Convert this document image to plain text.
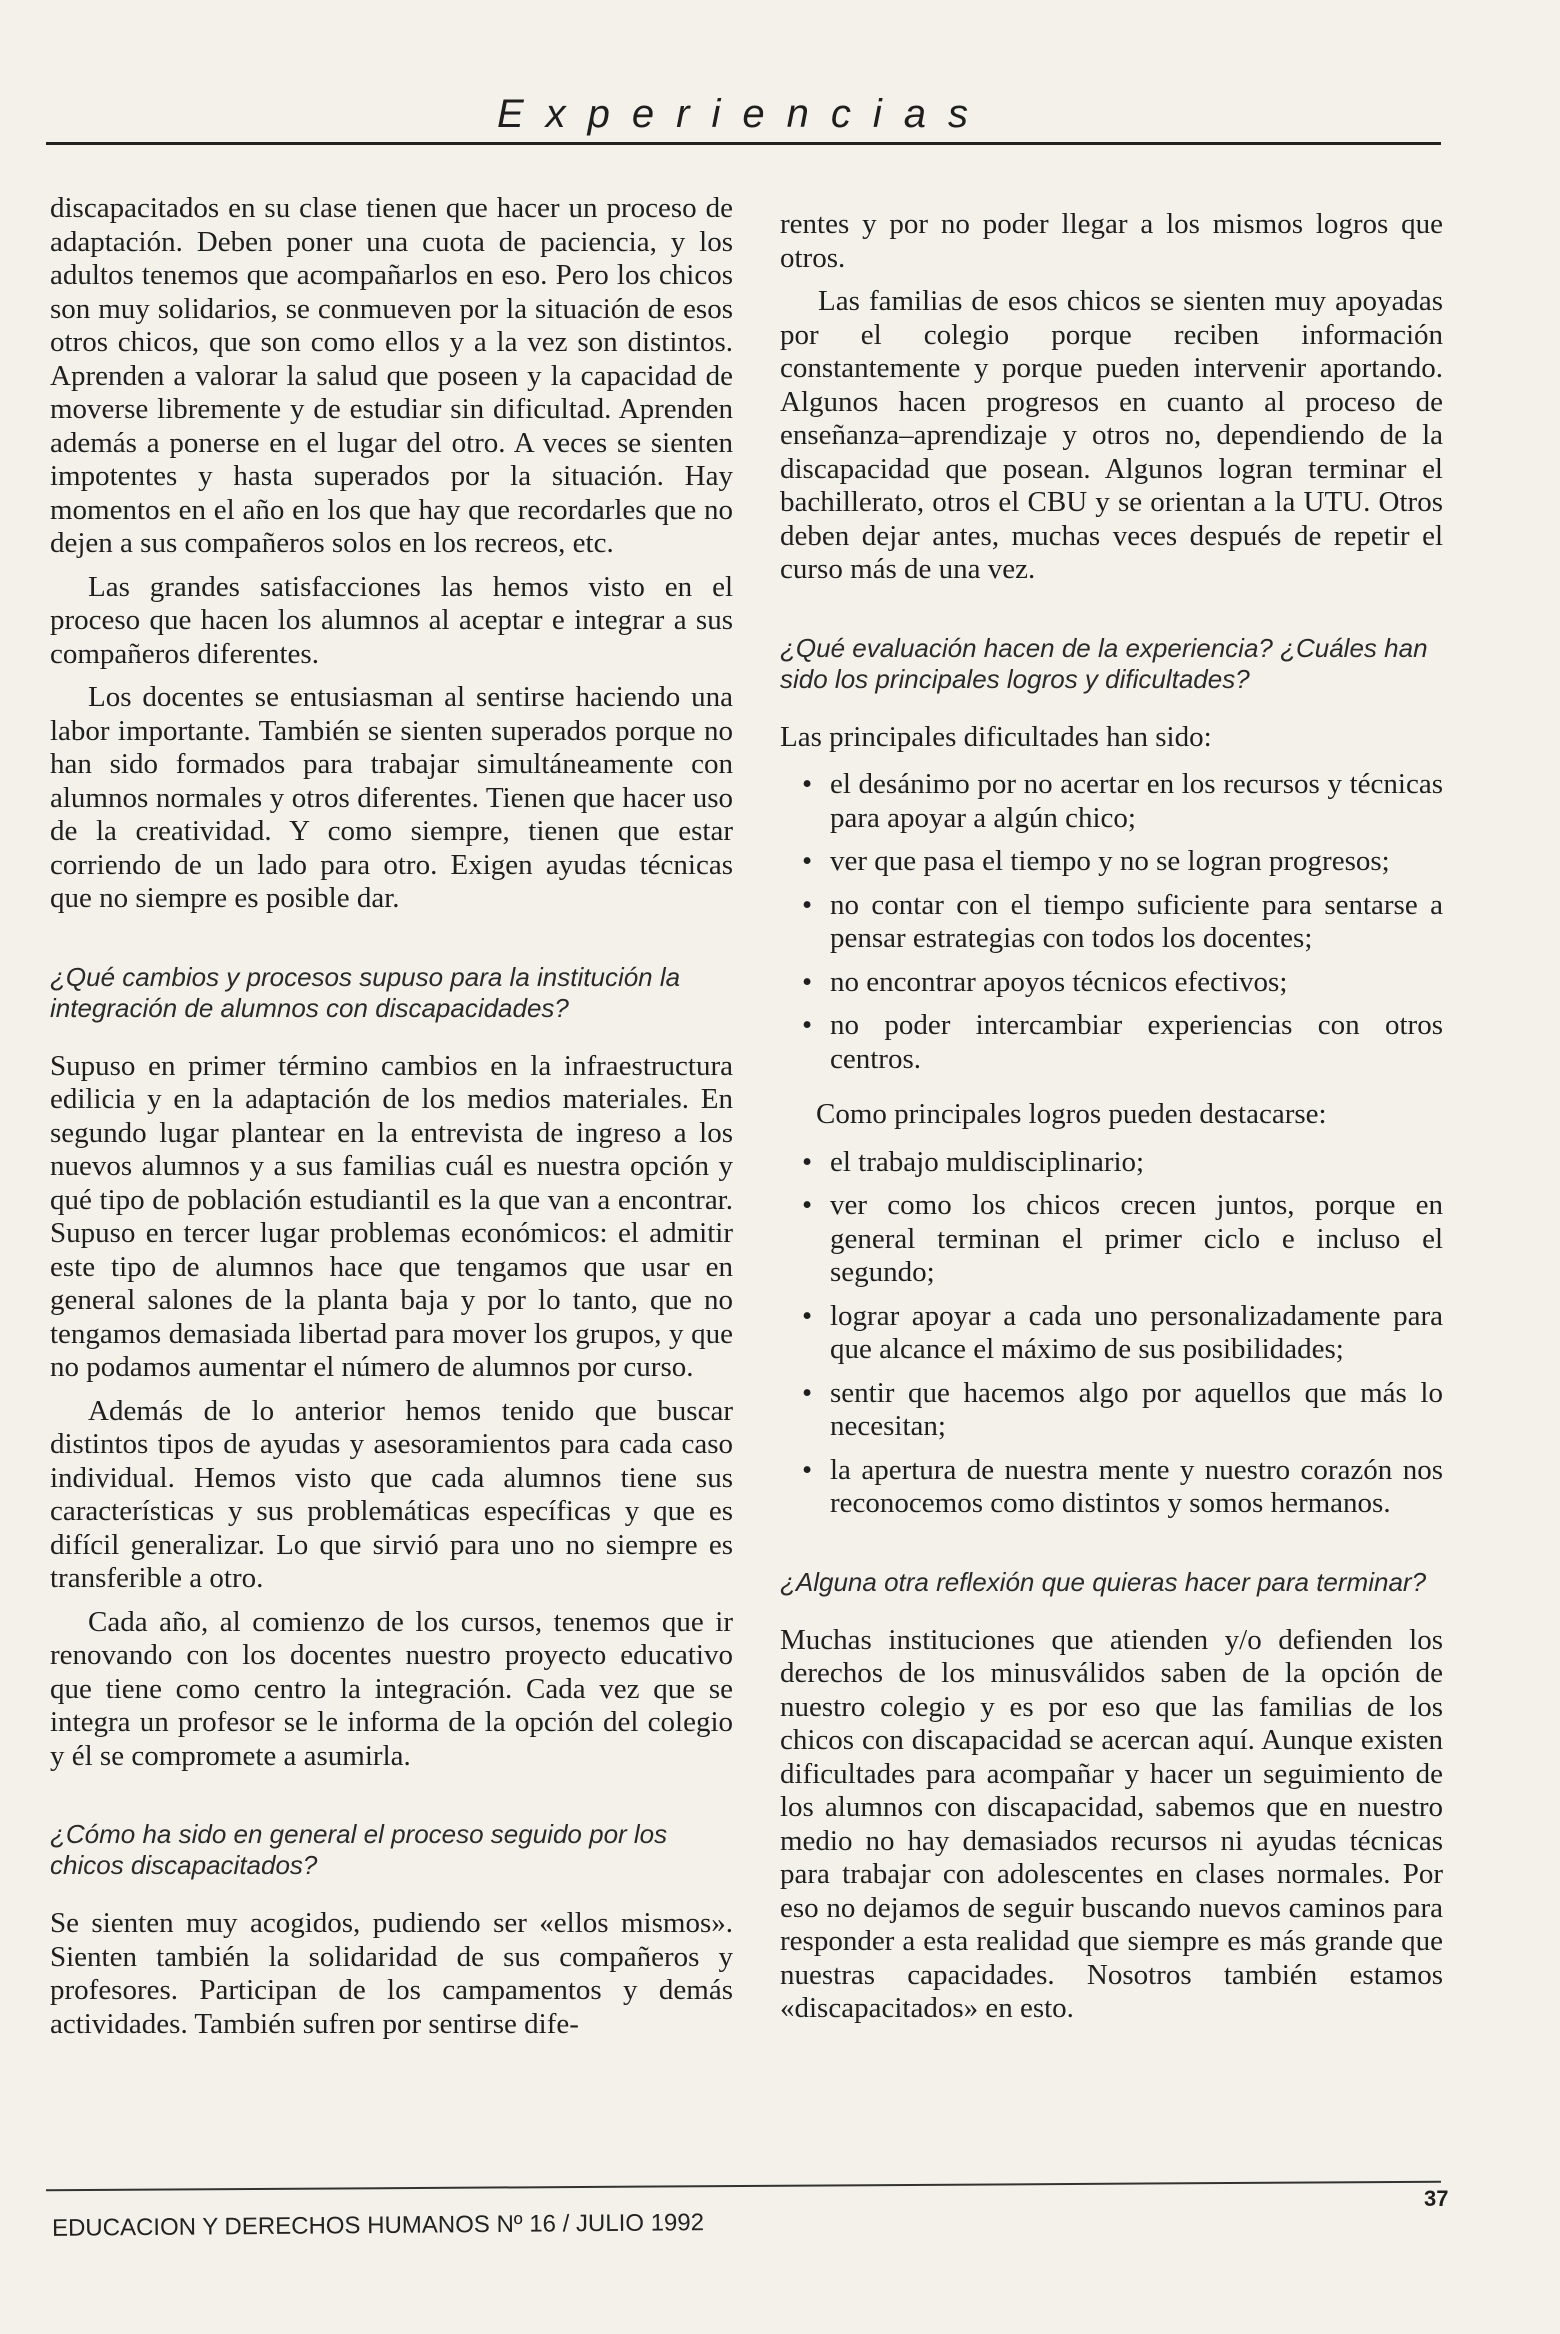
Experiencias

discapacitados en su clase tienen que hacer un proceso de adaptación. Deben poner una cuota de paciencia, y los adultos tenemos que acompañarlos en eso. Pero los chicos son muy solidarios, se conmueven por la situación de esos otros chicos, que son como ellos y a la vez son distintos. Aprenden a valorar la salud que poseen y la capacidad de moverse libremente y de estudiar sin dificultad. Aprenden además a ponerse en el lugar del otro. A veces se sienten impotentes y hasta superados por la situación. Hay momentos en el año en los que hay que recordarles que no dejen a sus compañeros solos en los recreos, etc.

Las grandes satisfacciones las hemos visto en el proceso que hacen los alumnos al aceptar e integrar a sus compañeros diferentes.

Los docentes se entusiasman al sentirse haciendo una labor importante. También se sienten superados porque no han sido formados para trabajar simultáneamente con alumnos normales y otros diferentes. Tienen que hacer uso de la creatividad. Y como siempre, tienen que estar corriendo de un lado para otro. Exigen ayudas técnicas que no siempre es posible dar.

¿Qué cambios y procesos supuso para la institución la integración de alumnos con discapacidades?

Supuso en primer término cambios en la infraestructura edilicia y en la adaptación de los medios materiales. En segundo lugar plantear en la entrevista de ingreso a los nuevos alumnos y a sus familias cuál es nuestra opción y qué tipo de población estudiantil es la que van a encontrar. Supuso en tercer lugar problemas económicos: el admitir este tipo de alumnos hace que tengamos que usar en general salones de la planta baja y por lo tanto, que no tengamos demasiada libertad para mover los grupos, y que no podamos aumentar el número de alumnos por curso.

Además de lo anterior hemos tenido que buscar distintos tipos de ayudas y asesoramientos para cada caso individual. Hemos visto que cada alumnos tiene sus características y sus problemáticas específicas y que es difícil generalizar. Lo que sirvió para uno no siempre es transferible a otro.

Cada año, al comienzo de los cursos, tenemos que ir renovando con los docentes nuestro proyecto educativo que tiene como centro la integración. Cada vez que se integra un profesor se le informa de la opción del colegio y él se compromete a asumirla.

¿Cómo ha sido en general el proceso seguido por los chicos discapacitados?

Se sienten muy acogidos, pudiendo ser «ellos mismos». Sienten también la solidaridad de sus compañeros y profesores. Participan de los campamentos y demás actividades. También sufren por sentirse dife-

rentes y por no poder llegar a los mismos logros que otros.

Las familias de esos chicos se sienten muy apoyadas por el colegio porque reciben información constantemente y porque pueden intervenir aportando. Algunos hacen progresos en cuanto al proceso de enseñanza–aprendizaje y otros no, dependiendo de la discapacidad que posean. Algunos logran terminar el bachillerato, otros el CBU y se orientan a la UTU. Otros deben dejar antes, muchas veces después de repetir el curso más de una vez.

¿Qué evaluación hacen de la experiencia? ¿Cuáles han sido los principales logros y dificultades?

Las principales dificultades han sido:

• el desánimo por no acertar en los recursos y técnicas para apoyar a algún chico;
• ver que pasa el tiempo y no se logran progresos;
• no contar con el tiempo suficiente para sentarse a pensar estrategias con todos los docentes;
• no encontrar apoyos técnicos efectivos;
• no poder intercambiar experiencias con otros centros.

Como principales logros pueden destacarse:

• el trabajo muldisciplinario;
• ver como los chicos crecen juntos, porque en general terminan el primer ciclo e incluso el segundo;
• lograr apoyar a cada uno personalizadamente para que alcance el máximo de sus posibilidades;
• sentir que hacemos algo por aquellos que más lo necesitan;
• la apertura de nuestra mente y nuestro corazón nos reconocemos como distintos y somos hermanos.
¿Alguna otra reflexión que quieras hacer para terminar?

Muchas instituciones que atienden y/o defienden los derechos de los minusválidos saben de la opción de nuestro colegio y es por eso que las familias de los chicos con discapacidad se acercan aquí. Aunque existen dificultades para acompañar y hacer un seguimiento de los alumnos con discapacidad, sabemos que en nuestro medio no hay demasiados recursos ni ayudas técnicas para trabajar con adolescentes en clases normales. Por eso no dejamos de seguir buscando nuevos caminos para responder a esta realidad que siempre es más grande que nuestras capacidades. Nosotros también estamos «discapacitados» en esto.

EDUCACION Y DERECHOS HUMANOS Nº 16 / JULIO 1992
37
